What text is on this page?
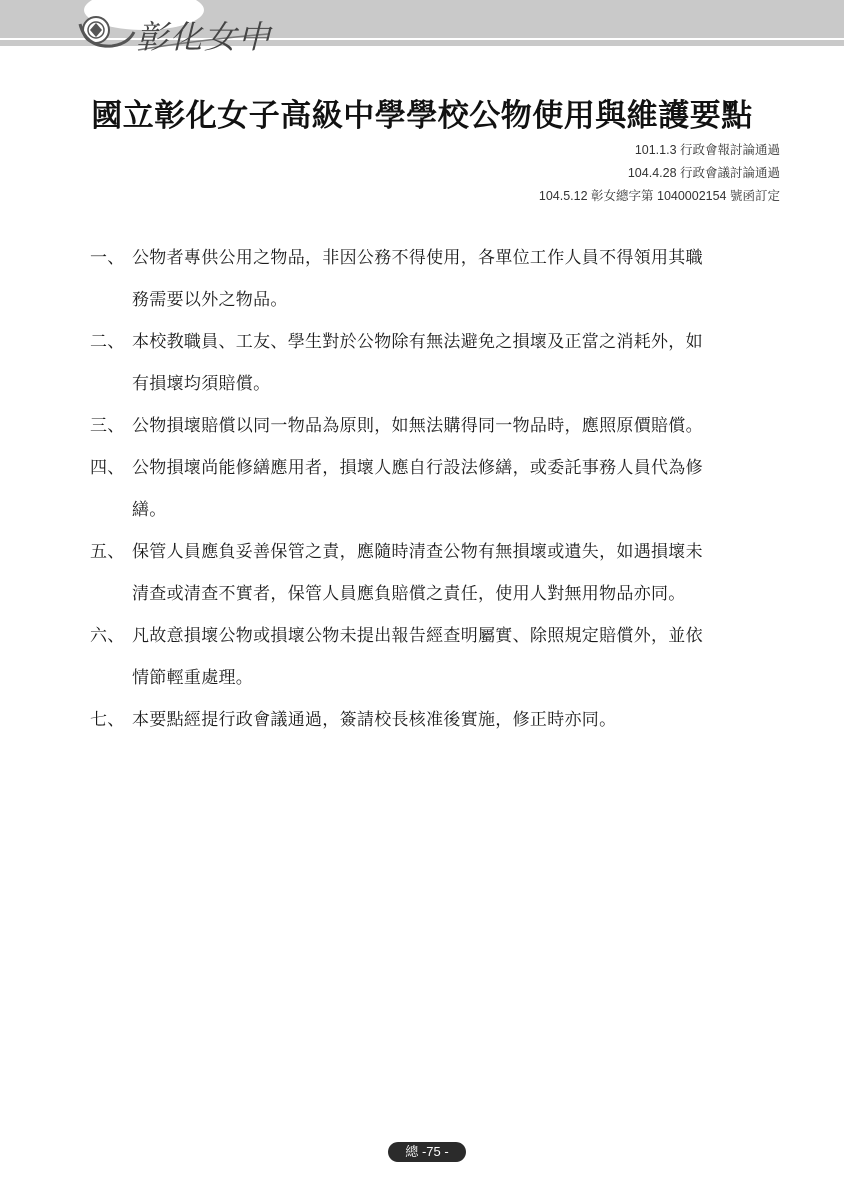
彰化女中
國立彰化女子高級中學學校公物使用與維護要點
101.1.3 行政會報討論通過
104.4.28 行政會議討論通過
104.5.12 彰女總字第 1040002154 號函訂定
一、 公物者專供公用之物品，非因公務不得使用，各單位工作人員不得領用其職
務需要以外之物品。
二、 本校教職員、工友、學生對於公物除有無法避免之損壞及正當之消耗外，如
有損壞均須賠償。
三、 公物損壞賠償以同一物品為原則，如無法購得同一物品時，應照原價賠償。
四、 公物損壞尚能修繕應用者，損壞人應自行設法修繕，或委託事務人員代為修
繕。
五、 保管人員應負妥善保管之責，應隨時清查公物有無損壞或遺失，如遇損壞未
清查或清查不實者，保管人員應負賠償之責任，使用人對無用物品亦同。
六、 凡故意損壞公物或損壞公物未提出報告經查明屬實、除照規定賠償外，並依
情節輕重處理。
七、 本要點經提行政會議通過，簽請校長核准後實施，修正時亦同。
總 -75 -
